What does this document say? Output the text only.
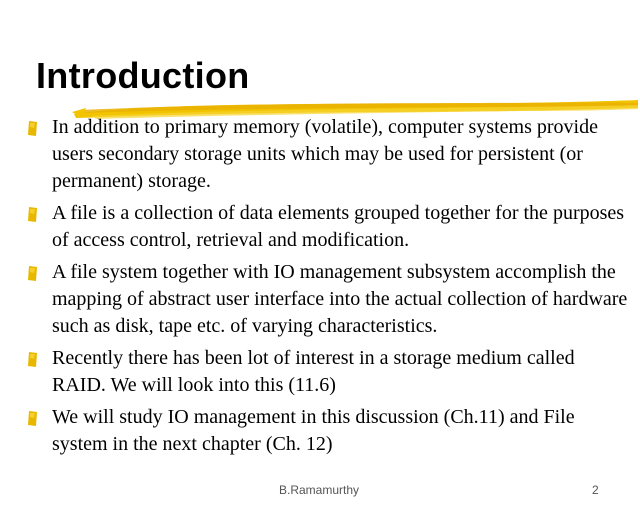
Introduction
In addition to primary memory (volatile), computer systems provide users secondary storage units which may be used for persistent (or permanent) storage.
A file is a collection of data elements grouped together for the purposes of access control, retrieval and modification.
A file system together with IO management subsystem accomplish the mapping of abstract user interface into the actual collection of hardware such as disk, tape etc. of varying characteristics.
Recently there has been lot of interest in a storage medium called RAID. We will look into this (11.6)
We will study IO management in this discussion (Ch.11) and File system in the next chapter (Ch. 12)
B.Ramamurthy	2
